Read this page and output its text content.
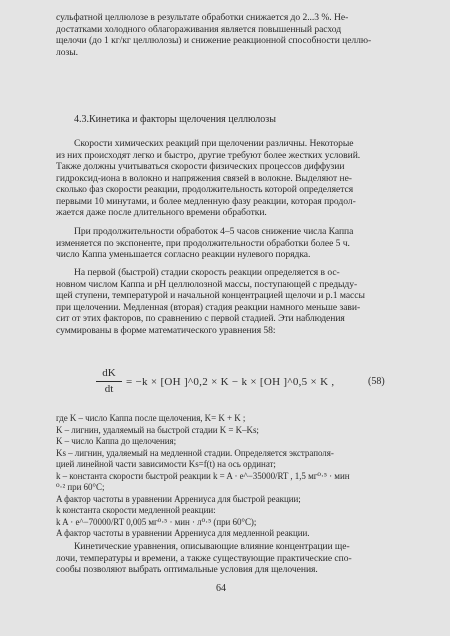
сульфатной целлюлозе в результате обработки снижается до 2...3 %. Не-
достатками холодного облагораживания является повышенный расход
щелочи (до 1 кг/кг целлюлозы) и снижение реакционной способности целлю-
лозы.
4.3.Кинетика и факторы щелочения целлюлозы
Скорости химических реакций при щелочении различны. Некоторые
из них происходят легко и быстро, другие требуют более жестких условий.
Также должны учитываться скорости физических процессов диффузии
гидроксид-иона в волокно и напряжения связей в волокне. Выделяют не-
сколько фаз скорости реакции, продолжительность которой определяется
первыми 10 минутами, и более медленную фазу реакции, которая продол-
жается даже после длительного времени обработки.
При продолжительности обработок 4–5 часов снижение числа Каппа
изменяется по экспоненте, при продолжительности обработки более 5 ч.
число Каппа уменьшается согласно реакции нулевого порядка.
На первой (быстрой) стадии скорость реакции определяется в ос-
новном числом Каппа и рН целлюлозной массы, поступающей с предыду-
щей ступени, температурой и начальной концентрацией щелочи и р.1 массы
при щелочении. Медленная (вторая) стадия реакции намного меньше зави-
сит от этих факторов, по сравнению с первой стадией. Эти наблюдения
суммированы в форме математического уравнения 58:
dK
dt
= −k × [OH ]^0,2 × K − k × [OH ]^0,5 × K ,	(58)
где K – число Каппа после щелочения, K= K + K ;
K – лигнин, удаляемый на быстрой стадии K = K–Ks;
K – число Каппа до щелочения;
Ks – лигнин, удаляемый на медленной стадии. Определяется экстраполя-
цией линейной части зависимости Ks=f(t) на ось ординат;
k – константа скорости быстрой реакции k = A · e^−35000/RT , 1,5 мг⁰·⁵ · мин
⁰·² при 60°С;
A фактор частоты в уравнении Аррениуса для быстрой реакции;
k константа скорости медленной реакции:
k A · e^−70000/RT 0,005 мг⁰·⁵ · мин · л⁰·⁵ (при 60°С);
A фактор частоты в уравнении Аррениуса для медленной реакции.
Кинетические уравнения, описывающие влияние концентрации ще-
лочи, температуры и времени, а также существующие практические спо-
сообы позволяют выбрать оптимальные условия для щелочения.
64
